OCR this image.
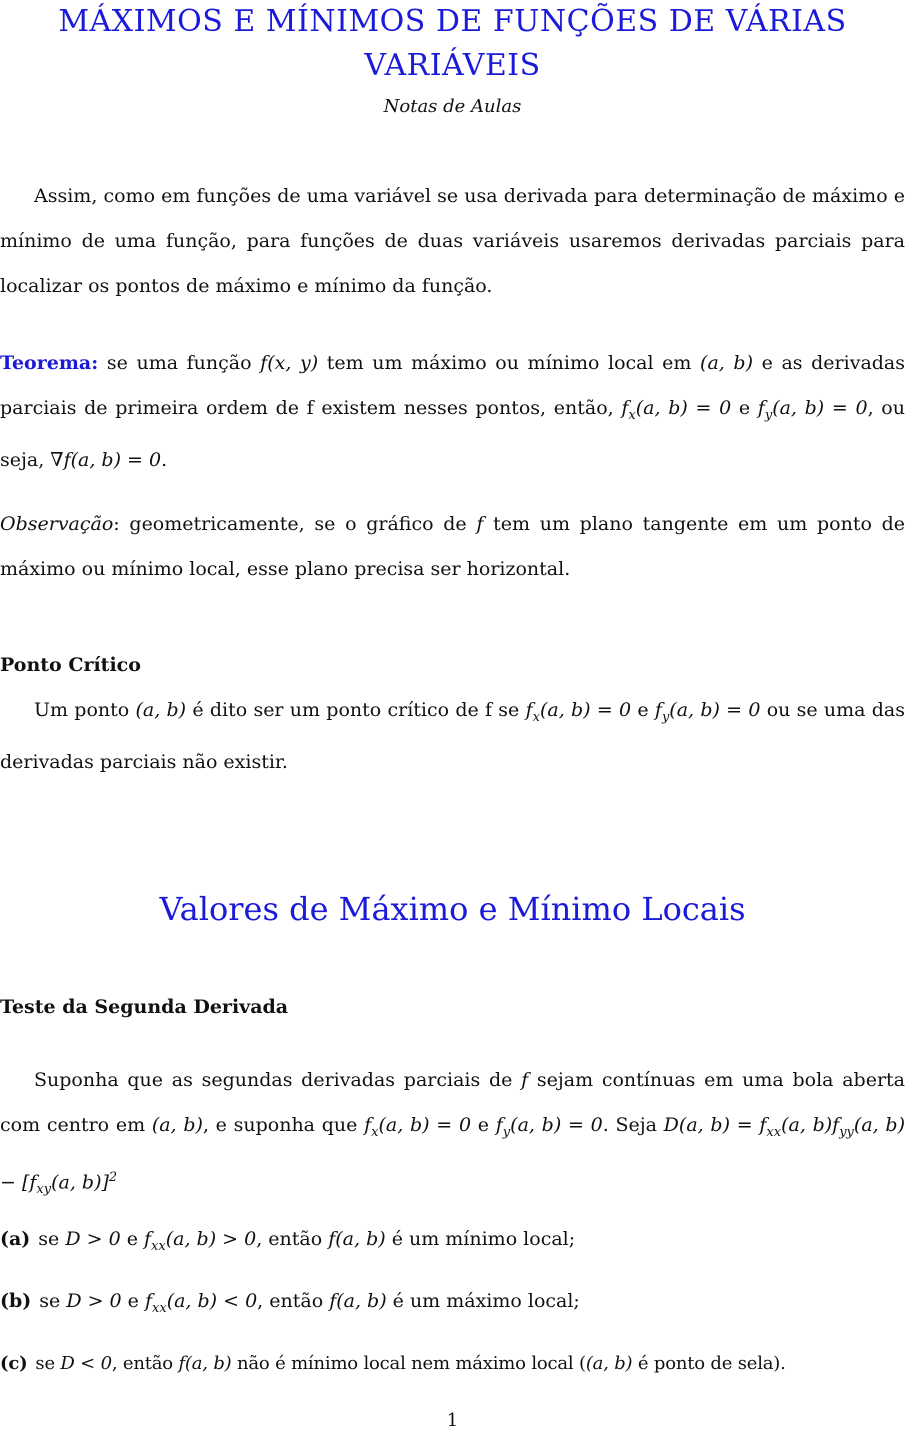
MÁXIMOS E MÍNIMOS DE FUNÇÕES DE VÁRIAS VARIÁVEIS
Notas de Aulas

Assim, como em funções de uma variável se usa derivada para determinação de máximo e mínimo de uma função, para funções de duas variáveis usaremos derivadas parciais para localizar os pontos de máximo e mínimo da função.

Teorema: se uma função f(x, y) tem um máximo ou mínimo local em (a, b) e as derivadas parciais de primeira ordem de f existem nesses pontos, então, $f_x(a$, b) = 0 e $f_y(a$, b) = 0, ou seja, ∇f(a, b) = 0.

Observação: geometricamente, se o gráfico de f tem um plano tangente em um ponto de máximo ou mínimo local, esse plano precisa ser horizontal.

Ponto Crítico

Um ponto (a, b) é dito ser um ponto crítico de f se $f_x(a$, b) = 0 e $f_y(a$, b) = 0 ou se uma das derivadas parciais não existir.

Valores de Máximo e Mínimo Locais
Teste da Segunda Derivada

Suponha que as segundas derivadas parciais de f sejam contínuas em uma bola aberta com centro em (a, b), e suponha que $f_x(a$, b) = 0 e $f_y(a$, b) = 0. Seja D(a, $b) = f_{xx}(a$, $b)f_{yy}(a$, $b) - [f_{xy}(a$, b)]$^2$

(a) se D > 0 e $f_{xx}(a$, b) > 0, então f(a, b) é um mínimo local;

(b) se D > 0 e $f_{xx}(a$, b) < 0, então f(a, b) é um máximo local;

(c) se D < 0, então f(a, b) não é mínimo local nem máximo local ((a, b) é ponto de sela).

1
